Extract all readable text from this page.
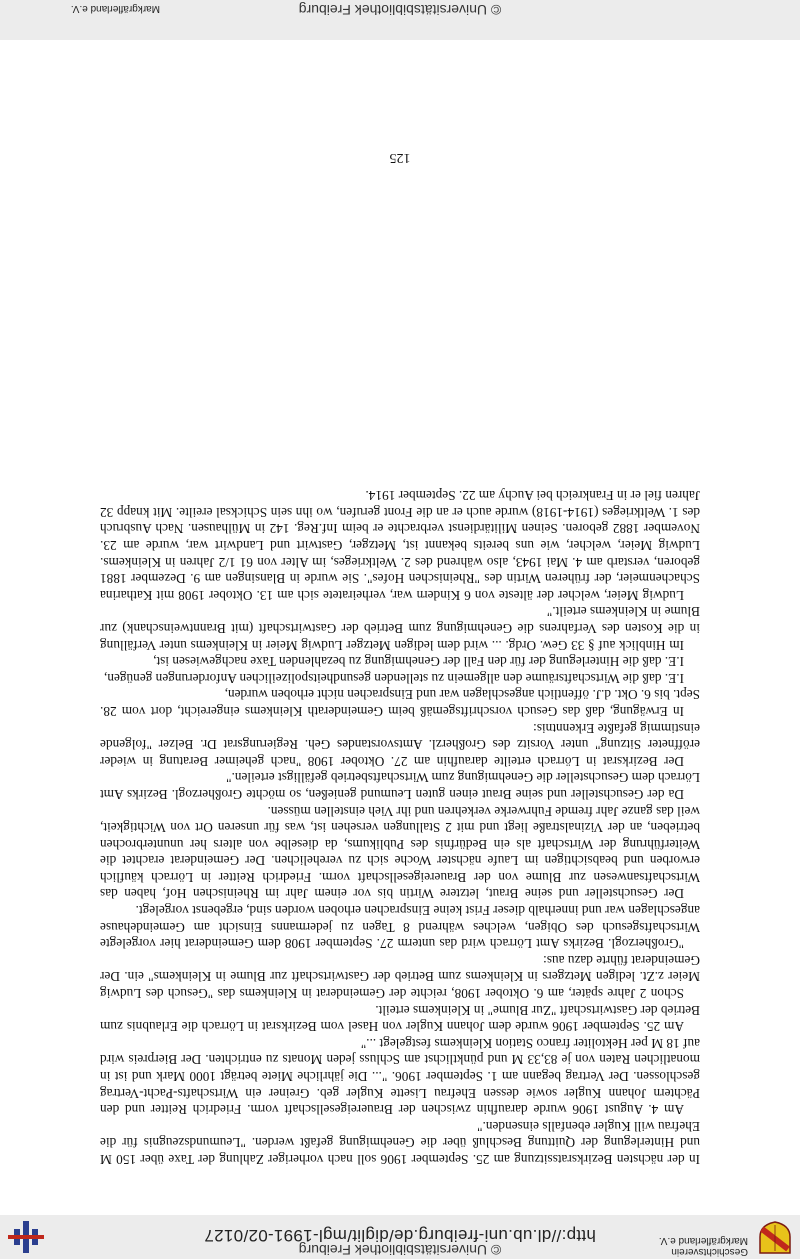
Geschichtsverein
Markgräflerland e.V.
© Universitätsbibliothek Freiburg
http://dl.ub.uni-freiburg.de/diglit/mgl-1991-02/0127

In der nächsten Bezirksratssitzung am 25. September 1906 soll nach vorheriger Zahlung der Taxe über 150 M und Hinterlegung der Quittung Beschluß über die Genehmigung gefaßt werden. "Leumundszeugnis für die Ehefrau will Kugler ebenfalls einsenden."

Am 4. August 1906 wurde daraufhin zwischen der Brauereigesellschaft vorm. Friedrich Reitter und den Pächtern Johann Kugler sowie dessen Ehefrau Lisette Kugler geb. Greiner ein Wirtschafts-Pacht-Vertrag geschlossen. Der Vertrag begann am 1. September 1906. "... Die jährliche Miete beträgt 1000 Mark und ist in monatlichen Raten von je 83,33 M und pünktlichst am Schluss jeden Monats zu entrichten. Der Bierpreis wird auf 18 M per Hektoliter franco Station Kleinkems festgelegt ..."

Am 25. September 1906 wurde dem Johann Kugler von Hasel vom Bezirksrat in Lörrach die Erlaubnis zum Betrieb der Gastwirtschaft "Zur Blume" in Kleinkems erteilt.

Schon 2 Jahre später, am 6. Oktober 1908, reichte der Gemeinderat in Kleinkems das "Gesuch des Ludwig Meier z.Zt. ledigen Metzgers in Kleinkems zum Betrieb der Gastwirtschaft zur Blume in Kleinkems" ein. Der Gemeinderat führte dazu aus:

"Großherzogl. Bezirks Amt Lörrach wird das unterm 27. September 1908 dem Gemeinderat hier vorgelegte Wirtschaftsgesuch des Obigen, welches während 8 Tagen zu jedermanns Einsicht am Gemeindehause angeschlagen war und innerhalb dieser Frist keine Einsprachen erhoben worden sind, ergebenst vorgelegt.

Der Gesuchsteller und seine Braut, letztere Wirtin bis vor einem Jahr im Rheinischen Hof, haben das Wirtschaftsanwesen zur Blume von der Brauereigesellschaft vorm. Friedrich Reitter in Lörrach käuflich erworben und beabsichtigen im Laufe nächster Woche sich zu verehelichen. Der Gemeinderat erachtet die Weiterführung der Wirtschaft als ein Bedürfnis des Publikums, da dieselbe von alters her ununterbrochen betrieben, an der Vizinalstraße liegt und mit 2 Stallungen versehen ist, was für unseren Ort von Wichtigkeit, weil das ganze Jahr fremde Fuhrwerke verkehren und ihr Vieh einstellen müssen.

Da der Gesuchsteller und seine Braut einen guten Leumund genießen, so möchte Großherzogl. Bezirks Amt Lörrach dem Gesuchsteller die Genehmigung zum Wirtschaftsbetrieb gefälligst erteilen."

Der Bezirksrat in Lörrach erteilte daraufhin am 27. Oktober 1908 "nach geheimer Beratung in wieder eröffneter Sitzung" unter Vorsitz des Großherzl. Amtsvorstandes Geh. Regierungsrat Dr. Belzer "folgende einstimmig gefaßte Erkenntnis:

In Erwägung, daß das Gesuch vorschriftsgemäß beim Gemeinderath Kleinkems eingereicht, dort vom 28. Sept. bis 6. Okt. d.J. öffentlich angeschlagen war und Einsprachen nicht erhoben wurden,

I.E. daß die Wirtschaftsräume den allgemein zu stellenden gesundheitspolizeilichen Anforderungen genügen,

I.E. daß die Hinterlegung der für den Fall der Genehmigung zu bezahlenden Taxe nachgewiesen ist,

Im Hinblick auf § 33 Gew. Ordg. ... wird dem ledigen Metzger Ludwig Meier in Kleinkems unter Verfällung in die Kosten des Verfahrens die Genehmigung zum Betrieb der Gastwirtschaft (mit Branntweinschank) zur Blume in Kleinkems erteilt."

Ludwig Meier, welcher der älteste von 6 Kindern war, verheiratete sich am 13. Oktober 1908 mit Katharina Schachenmeier, der früheren Wirtin des "Rheinischen Hofes". Sie wurde in Blansingen am 9. Dezember 1881 geboren, verstarb am 4. Mai 1943, also während des 2. Weltkrieges, im Alter von 61 1/2 Jahren in Kleinkems. Ludwig Meier, welcher, wie uns bereits bekannt ist, Metzger, Gastwirt und Landwirt war, wurde am 23. November 1882 geboren. Seinen Militärdienst verbrachte er beim Inf.Reg. 142 in Mülhausen. Nach Ausbruch des 1. Weltkrieges (1914-1918) wurde auch er an die Front gerufen, wo ihn sein Schicksal ereilte. Mit knapp 32 Jahren fiel er in Frankreich bei Auchy am 22. September 1914.

125
© Universitätsbibliothek Freiburg
Markgräflerland e.V.
